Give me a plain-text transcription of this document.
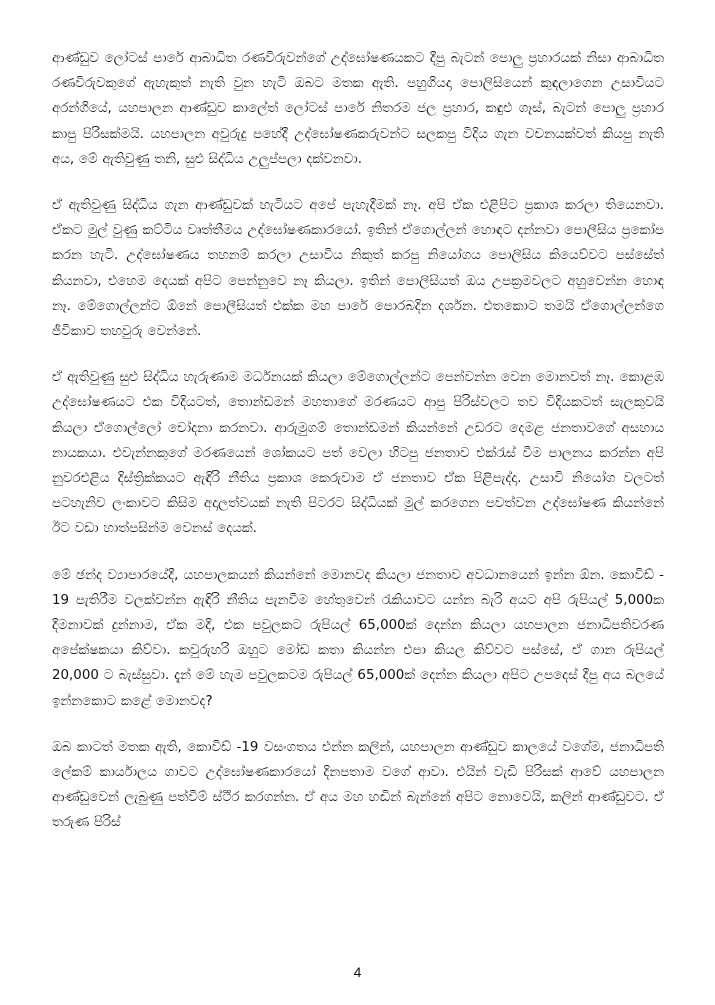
ආණ්ඩුව ලෝටස් පාරේ ආබාධිත රණවිරුවන්ගේ උද්ඝෝෂණයකට දීපු බැටන් පොලු ප්‍රහාරයක් නිසා ආබාධිත රණවිරුවකුගේ ඇහැකුත් නැති වුන හැටි ඔබට මතක ඇති. පහුගියදා පොලිසියෙන් කුඳලාගෙන උසාවියට අරන්ගියේ, යහපාලන ආණ්ඩුව කාලේත් ලෝටස් පාරේ නිතරම ජල ප්‍රහාර, කඳුළු ගෑස්, බැටන් පොලු ප්‍රහාර කාපු පිරිසක්මයි. යහපාලන අවුරුදු පහේදී උද්ඝෝෂණකරුවන්ට සලකපු විදිය ගැන වචනයක්වත් කියපු නැති අය, මේ ඇතිවුණු තනි, සුළු සිද්ධිය උලුප්පලා දක්වනවා.

ඒ ඇතිවුණු සිද්ධිය ගැන ආණ්ඩුවක් හැටියට අපේ පැහැදීමක් නෑ. අපි ඒක එළිපිට ප්‍රකාශ කරලා තියෙනවා. ඒකට මුල් වුණු කට්ටිය වෘත්තීමය උද්ඝෝෂණකාරයෝ. ඉතින් ඒගොල්ලන් හොඳට දන්නවා පොලීසිය ප්‍රකෝප කරන හැටි. උද්ඝෝෂණය තහනම් කරලා උසාවිය නිකුත් කරපු නියෝගය පොලිසිය කියෙව්වට පස්සේත් කියනවා, එහෙම දෙයක් අපිට පෙන්නුවෙ නෑ කියලා. ඉතින් පොලිසියත් ඔය උපක්‍රමවලට අහුවෙන්න හොඳ නෑ. මේගොල්ලන්ට ඕනේ පොලීසියත් එක්ක මහ පාරේ පොරබදින දර්ශන. එතකොට තමයි ඒගොල්ලන්ගෙ ජීවිකාව තහවුරු වෙන්නේ.

ඒ ඇතිවුණු සුළු සිද්ධිය හැරුණාම මර්ධනයක් කියලා මේගොල්ලන්ට පෙන්වන්න වෙන මොනවත් නෑ. කොළඹ උද්ඝෝෂණයට එක විදියටත්, තොන්ඩමන් මහතාගේ මරණයට ආපු පිරිස්වලට තව විදියකටත් සැලකුවයි කියලා ඒගොල්ලෝ චෝදනා කරනවා. ආරුමුගම් තොන්ඩමන් කියන්නේ උඩරට දෙමළ ජනතාවගේ අසහාය නායකයා. එවැන්නකුගේ මරණයෙන් ශෝකයට පත් වෙලා හිටපු ජනතාව එක්රැස් වීම පාලනය කරන්න අපි නුවරඑළිය දිස්ත්‍රික්කයට ඇඳිරි නීතිය ප්‍රකාශ කෙරුවාම ඒ ජනතාව ඒක පිළිපැද්දා. උසාවි නියෝග වලටත් පටහැනිව ලංකාවට කිසිම අදාලත්වයක් නැති පිටරට සිද්ධියක් මුල් කරගෙන පවත්වන උද්ඝෝෂණ කියන්නේ ඊට වඩා හාත්පසින්ම වෙනස් දෙයක්.

මේ ඡන්ද ව්‍යාපාරයේදී, යහපාලකයන් කියන්නේ මොනවද කියලා ජනතාව අවධානයෙන් ඉන්න ඕන. කොවිඩ් - 19 පැතිරීම වලක්වන්න ඇඳිරි නීතිය පැනවීම හේතුවෙන් රැකියාවට යන්න බැරි අයට අපි රුපියල් 5,000ක දීමනාවක් දුන්නාම, ඒක මදි, එක පවුලකට රුපියල් 65,000ක් දෙන්න කියලා යහපාලන ජනාධිපතිවරණ අපේක්ෂකයා කිව්වා. කවුරුහරි ඔහුට මෝඩ කතා කියන්න එපා කියල කිව්වට පස්සේ, ඒ ගාන රුපියල් 20,000 ට බැස්සුවා. දැන් මේ හැම පවුලකටම රුපියල් 65,000ක් දෙන්න කියලා අපිට උපදෙස් දීපු අය බලයේ ඉන්නකොට කළේ මොනවද?

ඔබ කාටත් මතක ඇති, කොවිඩ් -19 වසංගතය එන්න කලින්, යහපාලන ආණ්ඩුව කාලයේ වගේම, ජනාධිපති ලේකම් කාර්යාලය ගාවට උද්ඝෝෂණකාරයෝ දිනපතාම වගේ ආවා. එයින් වැඩි පිරිසක් ආවේ යහපාලන ආණ්ඩුවෙන් ලැබුණු පත්වීම් ස්ථිර කරගන්න. ඒ අය මහ හඬින් බැන්නේ අපිට නොවෙයි, කලින් ආණ්ඩුවට. ඒ තරුණ පිරිස්

4
